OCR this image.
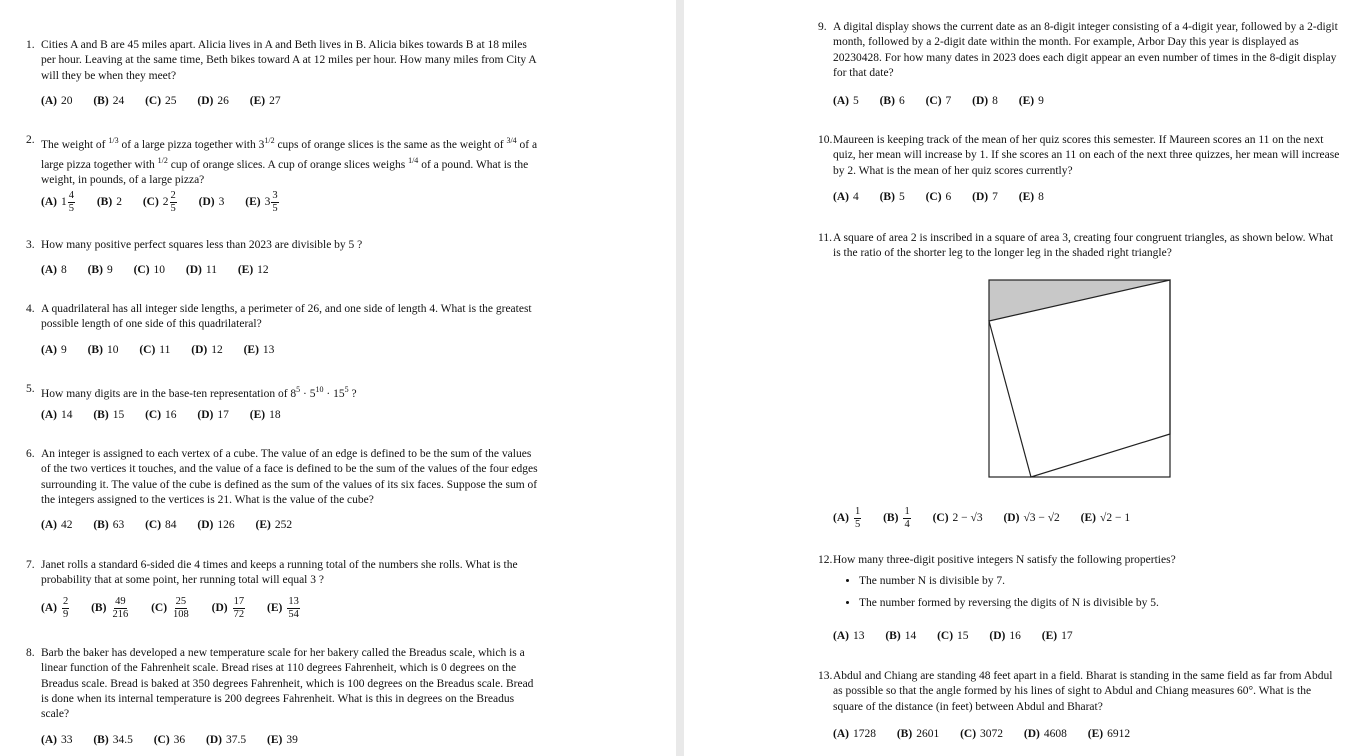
1. Cities A and B are 45 miles apart. Alicia lives in A and Beth lives in B. Alicia bikes towards B at 18 miles per hour. Leaving at the same time, Beth bikes toward A at 12 miles per hour. How many miles from City A will they be when they meet?

(A) 20 (B) 24 (C) 25 (D) 26 (E) 27
2. The weight of $^{1/3}$ of a large pizza together with $3^{1/2}$ cups of orange slices is the same as the weight of $^{3/4}$ of a large pizza together with $^{1/2}$ cup of orange slices. A cup of orange slices weighs $^{1/4}$ of a pound. What is the weight, in pounds, of a large pizza?

(A) $1 \frac{4}{5} (B)$ 2 (C) $2 \frac{2}{5} (D)$ 3 (E) $3 \frac{3}{5}$
3. How many positive perfect squares less than 2023 are divisible by 5 ?

(A) 8 (B) 9 (C) 10 (D) 11 (E) 12
4. A quadrilateral has all integer side lengths, a perimeter of 26, and one side of length 4. What is the greatest possible length of one side of this quadrilateral?

(A) 9 (B) 10 (C) 11 (D) 12 (E) 13
5. How many digits are in the base-ten representation of $8^5 \cdot 5^{10} \cdot 15^5$ ?

(A) 14 (B) 15 (C) 16 (D) 17 (E) 18
6. An integer is assigned to each vertex of a cube. The value of an edge is defined to be the sum of the values of the two vertices it touches, and the value of a face is defined to be the sum of the values of the four edges surrounding it. The value of the cube is defined as the sum of the values of its six faces. Suppose the sum of the integers assigned to the vertices is 21. What is the value of the cube?

(A) 42 (B) 63 (C) 84 (D) 126 (E) 252
7. Janet rolls a standard 6-sided die 4 times and keeps a running total of the numbers she rolls. What is the probability that at some point, her running total will equal 3 ?

$(A) \frac{2}{9} (B) \frac{49}{216} (C) \frac{25}{108} (D) \frac{17}{72} (E) \frac{13}{54}$
8. Barb the baker has developed a new temperature scale for her bakery called the Breadus scale, which is a linear function of the Fahrenheit scale. Bread rises at 110 degrees Fahrenheit, which is 0 degrees on the Breadus scale. Bread is baked at 350 degrees Fahrenheit, which is 100 degrees on the Breadus scale. Bread is done when its internal temperature is 200 degrees Fahrenheit. What is this in degrees on the Breadus scale?

(A) 33 (B) 34.5 (C) 36 (D) 37.5 (E) 39
9. A digital display shows the current date as an 8-digit integer consisting of a 4-digit year, followed by a 2-digit month, followed by a 2-digit date within the month. For example, Arbor Day this year is displayed as 20230428. For how many dates in 2023 does each digit appear an even number of times in the 8-digit display for that date?

(A) 5 (B) 6 (C) 7 (D) 8 (E) 9
10. Maureen is keeping track of the mean of her quiz scores this semester. If Maureen scores an 11 on the next quiz, her mean will increase by 1. If she scores an 11 on each of the next three quizzes, her mean will increase by 2. What is the mean of her quiz scores currently?

(A) 4 (B) 5 (C) 6 (D) 7 (E) 8
11. A square of area 2 is inscribed in a square of area 3, creating four congruent triangles, as shown below. What is the ratio of the shorter leg to the longer leg in the shaded right triangle?

$(A) \frac{1}{5} (B) \frac{1}{4} (C) 2 - √3$ (D) √3 − √2 (E) √2 − 1
12. How many three-digit positive integers N satisfy the following properties?

• The number N is divisible by 7.
• The number formed by reversing the digits of N is divisible by 5.
(A) 13 (B) 14 (C) 15 (D) 16 (E) 17
13. Abdul and Chiang are standing 48 feet apart in a field. Bharat is standing in the same field as far from Abdul as possible so that the angle formed by his lines of sight to Abdul and Chiang measures 60°. What is the square of the distance (in feet) between Abdul and Bharat?

(A) 1728 (B) 2601 (C) 3072 (D) 4608 (E) 6912
